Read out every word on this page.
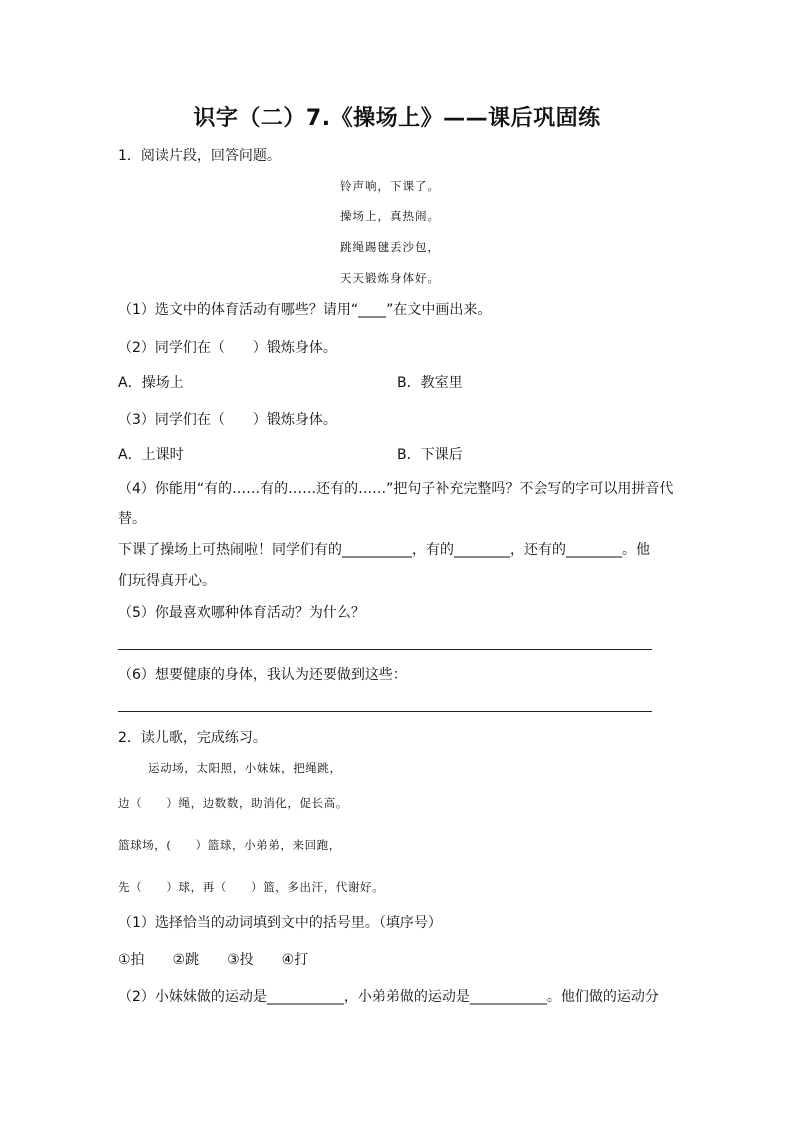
识字（二）7.《操场上》——课后巩固练
1．阅读片段，回答问题。
铃声响，下课了。
操场上，真热闹。
跳绳踢毽丢沙包，
天天锻炼身体好。
（1）选文中的体育活动有哪些？请用“____”在文中画出来。
（2）同学们在（　　）锻炼身体。
A．操场上	B．教室里
（3）同学们在（　　）锻炼身体。
A．上课时	B．下课后
（4）你能用“有的……有的……还有的……”把句子补充完整吗？不会写的字可以用拼音代
替。
下课了操场上可热闹啦！同学们有的__________，有的________，还有的________。他
们玩得真开心。
（5）你最喜欢哪种体育活动？为什么？
（6）想要健康的身体，我认为还要做到这些：
2．读儿歌，完成练习。
运动场，太阳照，小妹妹，把绳跳，
边（　　）绳，边数数，助消化，促长高。
篮球场，(　　）篮球，小弟弟，来回跑，
先（　　）球，再（　　）篮，多出汗，代谢好。
（1）选择恰当的动词填到文中的括号里。（填序号）
①拍　　②跳　　③投　　④打
（2）小妹妹做的运动是___________，小弟弟做的运动是___________。他们做的运动分
